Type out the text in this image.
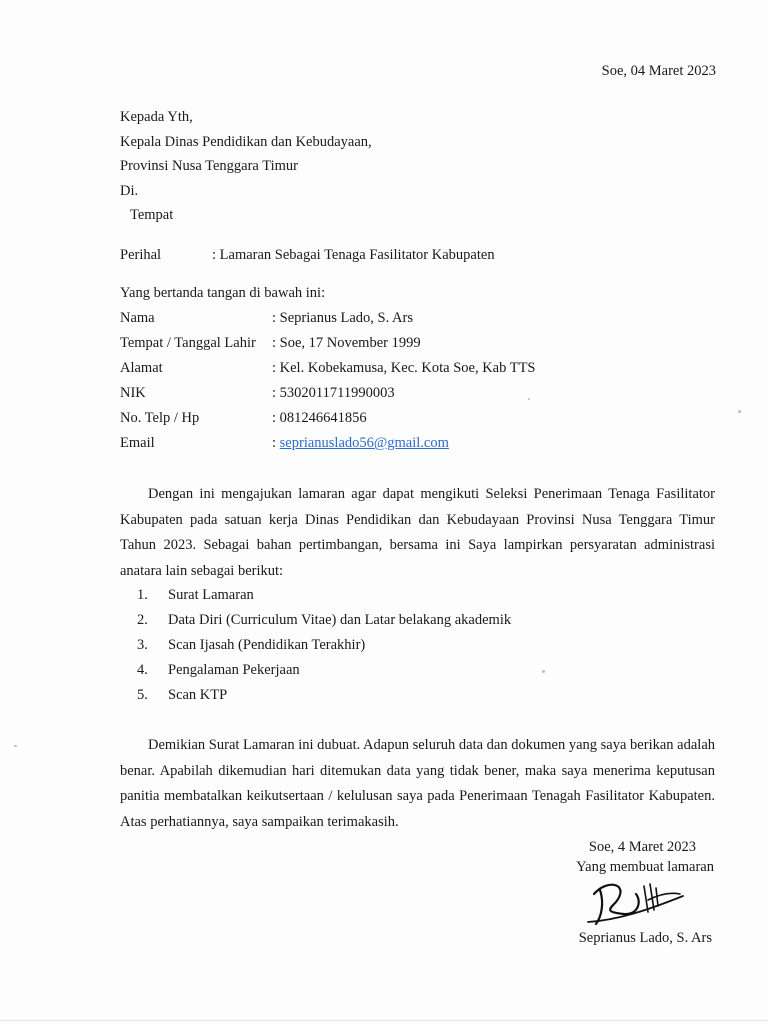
Soe, 04 Maret 2023
Kepada Yth,
Kepala Dinas Pendidikan dan Kebudayaan,
Provinsi Nusa Tenggara Timur
Di.
Tempat
Perihal	: Lamaran Sebagai Tenaga Fasilitator Kabupaten
Yang bertanda tangan di bawah ini:
Nama	: Seprianus Lado, S. Ars
Tempat / Tanggal Lahir	: Soe, 17 November 1999
Alamat	: Kel. Kobekamusa, Kec. Kota Soe, Kab TTS
NIK	: 5302011711990003
No. Telp / Hp	: 081246641856
Email	: seprianuslado56@gmail.com
Dengan ini mengajukan lamaran agar dapat mengikuti Seleksi Penerimaan Tenaga Fasilitator Kabupaten pada satuan kerja Dinas Pendidikan dan Kebudayaan Provinsi Nusa Tenggara Timur Tahun 2023. Sebagai bahan pertimbangan, bersama ini Saya lampirkan persyaratan administrasi anatara lain sebagai berikut:
1.	Surat Lamaran
2.	Data Diri (Curriculum Vitae) dan Latar belakang akademik
3.	Scan Ijasah (Pendidikan Terakhir)
4.	Pengalaman Pekerjaan
5.	Scan KTP
Demikian Surat Lamaran ini dubuat. Adapun seluruh data dan dokumen yang saya berikan adalah benar. Apabilah dikemudian hari ditemukan data yang tidak bener, maka saya menerima keputusan panitia membatalkan keikutsertaan / kelulusan saya pada Penerimaan Tenagah Fasilitator Kabupaten. Atas perhatiannya, saya sampaikan terimakasih.
Soe, 4 Maret 2023
Yang membuat lamaran
Seprianus Lado, S. Ars
